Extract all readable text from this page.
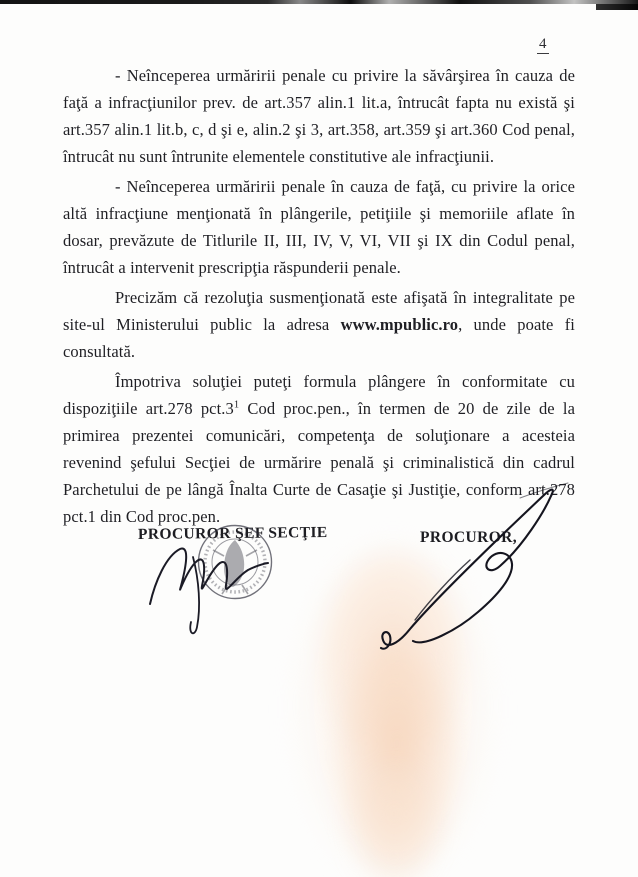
4

- Neînceperea urmăririi penale cu privire la săvârşirea în cauza de faţă a infracţiunilor prev. de art.357 alin.1 lit.a, întrucât fapta nu există şi art.357 alin.1 lit.b, c, d şi e, alin.2 şi 3, art.358, art.359 şi art.360 Cod penal, întrucât nu sunt întrunite elementele constitutive ale infracţiunii.

- Neînceperea urmăririi penale în cauza de faţă, cu privire la orice altă infracţiune menţionată în plângerile, petiţiile şi memoriile aflate în dosar, prevăzute de Titlurile II, III, IV, V, VI, VII şi IX din Codul penal, întrucât a intervenit prescripţia răspunderii penale.

Precizăm că rezoluţia susmenţionată este afişată în integralitate pe site-ul Ministerului public la adresa www.mpublic.ro, unde poate fi consultată.

Împotriva soluţiei puteţi formula plângere în conformitate cu dispoziţiile art.278 $pct.3^1$ Cod proc.pen., în termen de 20 de zile de la primirea prezentei comunicări, competenţa de soluţionare a acesteia revenind şefului Secţiei de urmărire penală şi criminalistică din cadrul Parchetului de pe lângă Înalta Curte de Casaţie şi Justiţie, conform art.278 pct.1 din Cod proc.pen.

PROCUROR ŞEF SECŢIE	PROCUROR,
